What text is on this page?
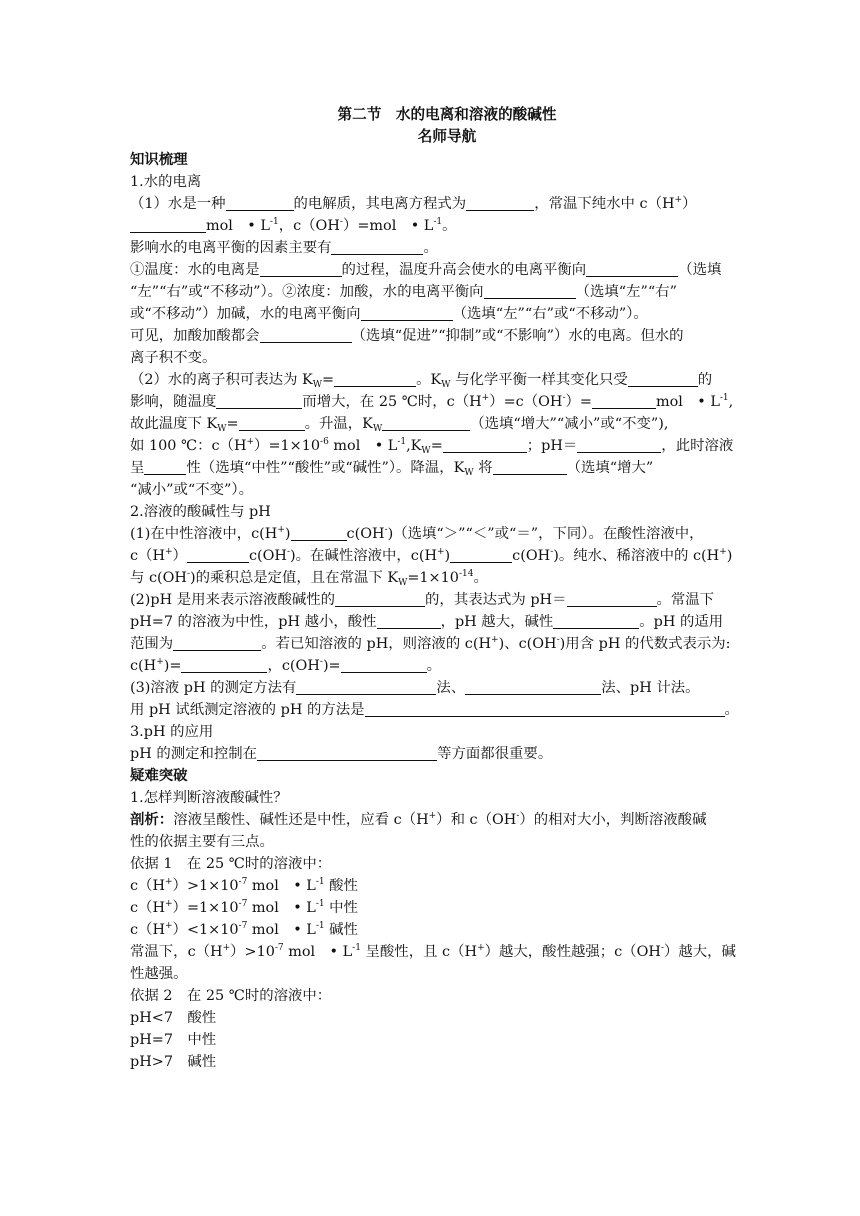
第二节　水的电离和溶液的酸碱性
名师导航
知识梳理
1.水的电离
（1）水是一种	的电解质，其电离方程式为	，常温下纯水中 c（H+）
mol　• $L^{-1}$，c（OH-）=mol　• $L^{-1}$。
影响水的电离平衡的因素主要有	。
①温度：水的电离是	的过程，温度升高会使水的电离平衡向	（选填
“左”“右”或“不移动”）。②浓度：加酸，水的电离平衡向	（选填“左”“右”
或“不移动”）加碱，水的电离平衡向	（选填“左”“右”或“不移动”）。
可见，加酸加酸都会	（选填“促进”“抑制”或“不影响”）水的电离。但水的
离子积不变。
（2）水的离子积可表达为 $K_W=$	。$K_W$ 与化学平衡一样其变化只受	的
影响，随温度	而增大，在 25 ℃时，c（H+）=c（OH-）=	mol　• $L^{-1}$,
故此温度下 $K_W=$	。升温，$K_W$	（选填“增大”“减小”或“不变”),
如 100 ℃：$c(H^+)=1\times 10^{-6}$ mol　• $L^{-1},K_W=$	；pH＝	，此时溶液
呈	性（选填“中性”“酸性”或“碱性”）。降温，$K_W$ 将	（选填“增大”
“减小”或“不变”）。
2.溶液的酸碱性与 pH
(1)在中性溶液中，c(H+)	c(OH-)（选填“＞”“＜”或“＝”，下同）。在酸性溶液中，
c（H+）	c(OH-)。在碱性溶液中，c(H+)	c(OH-)。纯水、稀溶液中的 c(H+)
与 c(OH-)的乘积总是定值，且在常温下 $K_W=1\times 10^{-14}$。
(2)pH 是用来表示溶液酸碱性的	的，其表达式为 pH＝	。常温下
pH=7 的溶液为中性，pH 越小，酸性	，pH 越大，碱性	。pH 的适用
范围为	。若已知溶液的 pH，则溶液的 c(H+)、c(OH-)用含 pH 的代数式表示为:
c(H+)=	，c(OH-)=	。
(3)溶液 pH 的测定方法有	法、	法、pH 计法。
用 pH 试纸测定溶液的 pH 的方法是	。
3.pH 的应用
pH 的测定和控制在	等方面都很重要。
疑难突破
1.怎样判断溶液酸碱性？
剖析：溶液呈酸性、碱性还是中性，应看 c（H+）和 c（OH-）的相对大小，判断溶液酸碱
性的依据主要有三点。
依据 1　在 25 ℃时的溶液中：
$c(H^+)>1\times 10^{-7}$ mol　• $L^{-1}$ 酸性
$c(H^+)=1\times 10^{-7}$ mol　• $L^{-1}$ 中性
$c(H^+)<1\times 10^{-7}$ mol　• $L^{-1}$ 碱性
常温下，$c(H^+)>10^{-7}$ mol　• $L^{-1}$ 呈酸性，且 c（H+）越大，酸性越强；c（OH-）越大，碱
性越强。
依据 2　在 25 ℃时的溶液中：
pH<7　酸性
pH=7　中性
pH>7　碱性
